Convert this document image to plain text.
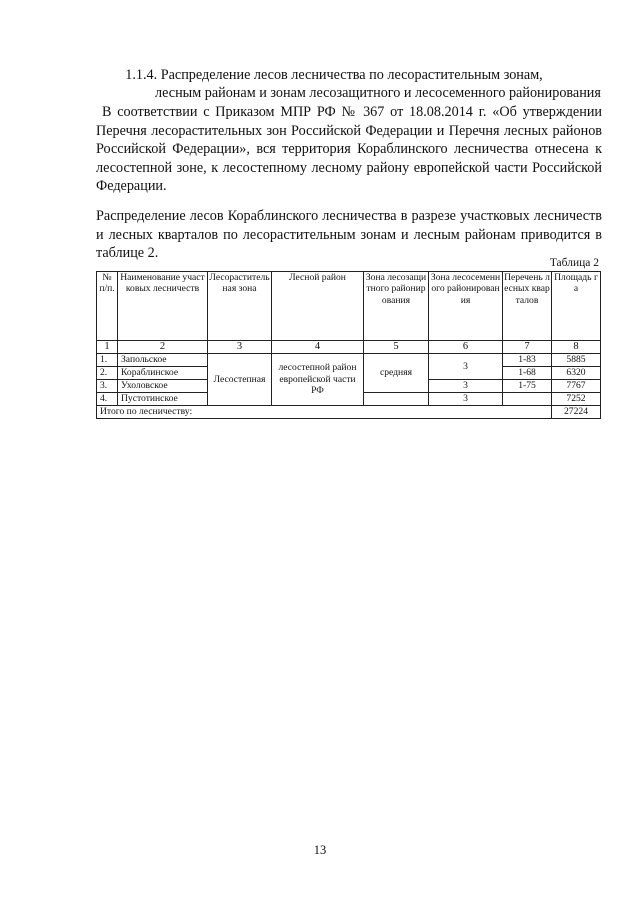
1.1.4. Распределение лесов лесничества по лесорастительным зонам,
лесным районам и зонам лесозащитного и лесосеменного районирования
В соответствии с Приказом МПР РФ № 367 от 18.08.2014 г. «Об утверждении Перечня лесорастительных зон Российской Федерации и Перечня лесных районов Российской Федерации», вся территория Кораблинского лесничества отнесена к лесостепной зоне, к лесостепному лесному району европейской части Российской Федерации.
Распределение лесов Кораблинского лесничества в разрезе участковых лесничеств и лесных кварталов по лесорастительным зонам и лесным районам приводится в таблице 2.
Таблица 2
№ п/п.	Наименование участковых лесничеств	Лесорастительная зона	Лесной район	Зона лесозащитного районирования	Зона лесосеменного районирования	Перечень лесных кварталов	Площадь га
1	2	3	4	5	6	7	8
1.	Запольское	Лесостепная	лесостепной район европейской части РФ	средняя	3	1-83	5885
2.	Кораблинское					1-68	6320
3.	Ухоловское				3	1-75	7767
4.	Пустотинское				3		7252
Итого по лесничеству:							27224
13
